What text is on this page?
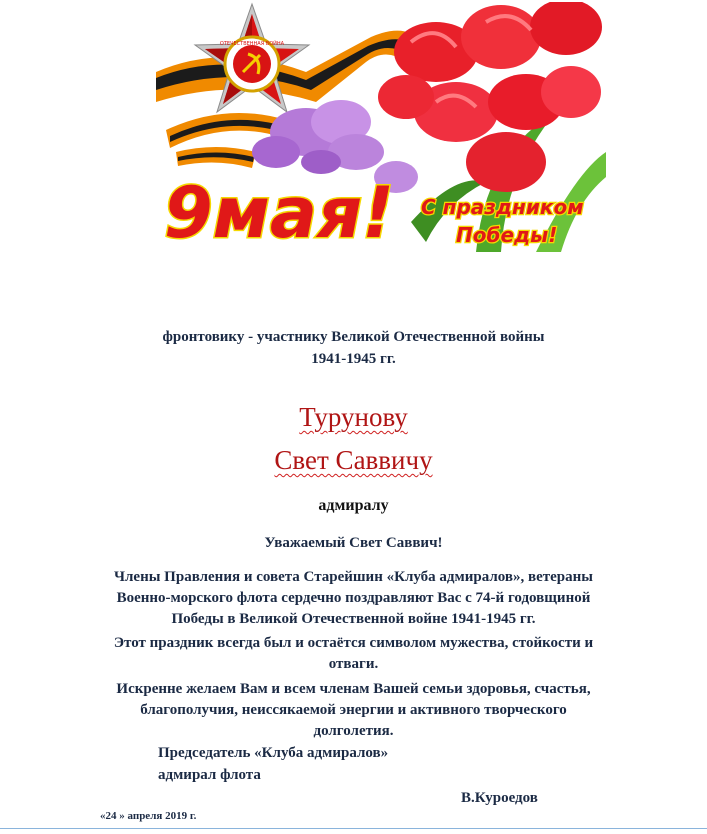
ОТЕЧЕСТВЕННАЯ ВОЙНА
9мая! С праздником
Победы!
фронтовику - участнику Великой Отечественной войны
1941-1945 гг.
Турунову
Свет Саввичу
адмиралу
Уважаемый Свет Саввич!
Члены Правления и совета Старейшин «Клуба адмиралов», ветераны
Военно-морского флота сердечно поздравляют Вас с 74-й годовщиной
Победы в Великой Отечественной войне 1941-1945 гг.
Этот праздник всегда был и остаётся символом мужества, стойкости и
отваги.
Искренне желаем Вам и всем членам Вашей семьи здоровья, счастья,
благополучия, неиссякаемой энергии и активного творческого
долголетия.
Председатель «Клуба адмиралов»
адмирал флота
В.Куроедов
«24 » апреля 2019 г.
